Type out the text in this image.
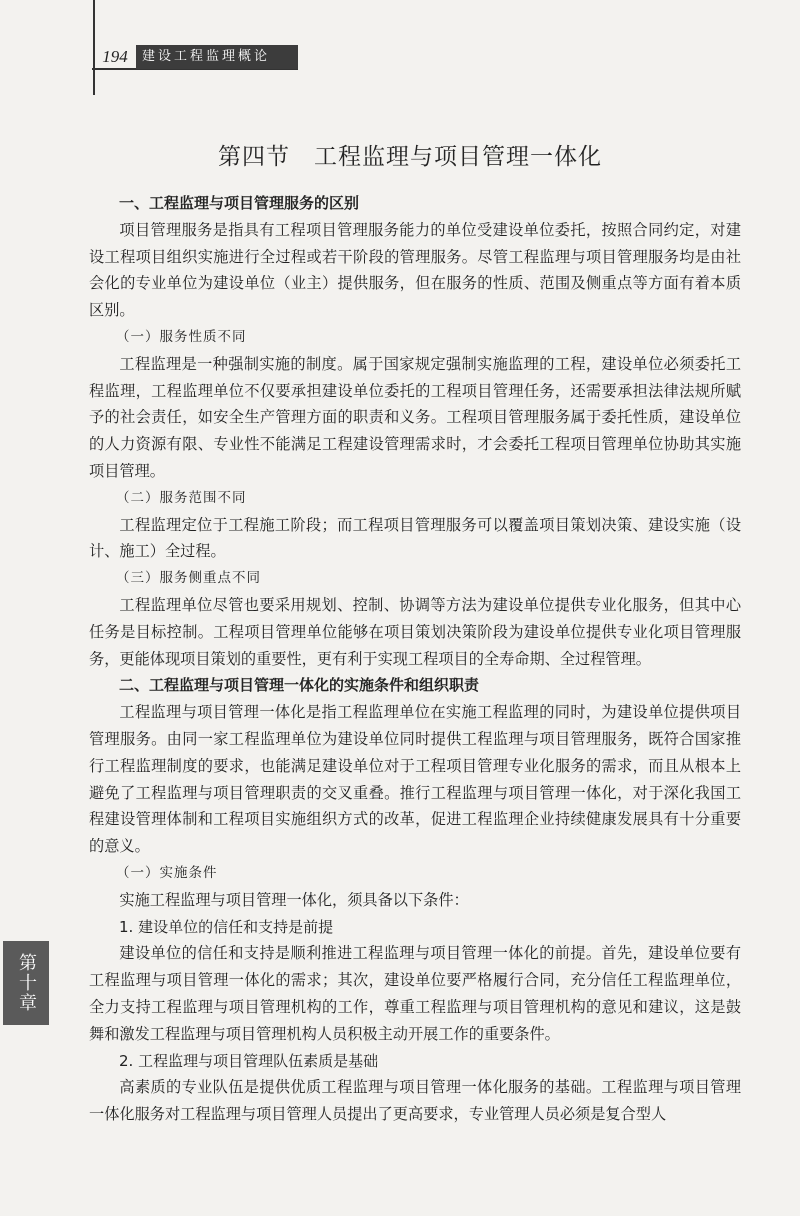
194	建设工程监理概论
第四节　工程监理与项目管理一体化

一、工程监理与项目管理服务的区别

项目管理服务是指具有工程项目管理服务能力的单位受建设单位委托，按照合同约定，对建设工程项目组织实施进行全过程或若干阶段的管理服务。尽管工程监理与项目管理服务均是由社会化的专业单位为建设单位（业主）提供服务，但在服务的性质、范围及侧重点等方面有着本质区别。

（一）服务性质不同

工程监理是一种强制实施的制度。属于国家规定强制实施监理的工程，建设单位必须委托工程监理，工程监理单位不仅要承担建设单位委托的工程项目管理任务，还需要承担法律法规所赋予的社会责任，如安全生产管理方面的职责和义务。工程项目管理服务属于委托性质，建设单位的人力资源有限、专业性不能满足工程建设管理需求时，才会委托工程项目管理单位协助其实施项目管理。

（二）服务范围不同

工程监理定位于工程施工阶段；而工程项目管理服务可以覆盖项目策划决策、建设实施（设计、施工）全过程。

（三）服务侧重点不同

工程监理单位尽管也要采用规划、控制、协调等方法为建设单位提供专业化服务，但其中心任务是目标控制。工程项目管理单位能够在项目策划决策阶段为建设单位提供专业化项目管理服务，更能体现项目策划的重要性，更有利于实现工程项目的全寿命期、全过程管理。

二、工程监理与项目管理一体化的实施条件和组织职责

工程监理与项目管理一体化是指工程监理单位在实施工程监理的同时，为建设单位提供项目管理服务。由同一家工程监理单位为建设单位同时提供工程监理与项目管理服务，既符合国家推行工程监理制度的要求，也能满足建设单位对于工程项目管理专业化服务的需求，而且从根本上避免了工程监理与项目管理职责的交叉重叠。推行工程监理与项目管理一体化，对于深化我国工程建设管理体制和工程项目实施组织方式的改革，促进工程监理企业持续健康发展具有十分重要的意义。

（一）实施条件

实施工程监理与项目管理一体化，须具备以下条件：

1. 建设单位的信任和支持是前提

建设单位的信任和支持是顺利推进工程监理与项目管理一体化的前提。首先，建设单位要有工程监理与项目管理一体化的需求；其次，建设单位要严格履行合同，充分信任工程监理单位，全力支持工程监理与项目管理机构的工作，尊重工程监理与项目管理机构的意见和建议，这是鼓舞和激发工程监理与项目管理机构人员积极主动开展工作的重要条件。

2. 工程监理与项目管理队伍素质是基础

高素质的专业队伍是提供优质工程监理与项目管理一体化服务的基础。工程监理与项目管理一体化服务对工程监理与项目管理人员提出了更高要求，专业管理人员必须是复合型人

第十章
